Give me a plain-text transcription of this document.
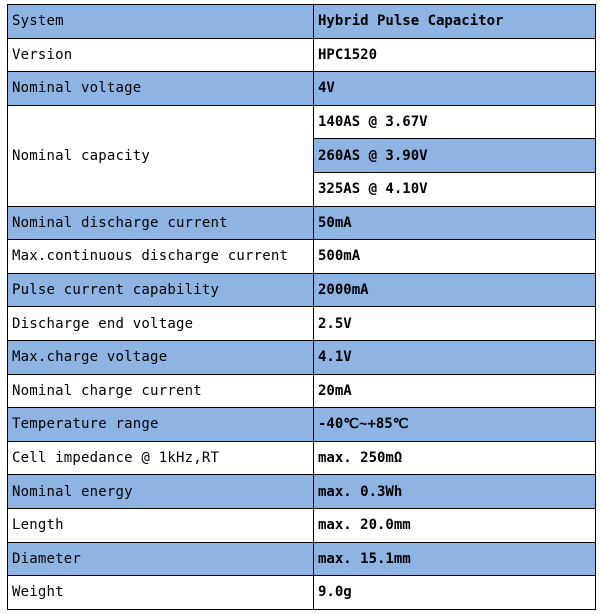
System	Hybrid Pulse Capacitor
Version	HPC1520
Nominal voltage	4V
Nominal capacity	140AS @ 3.67V
	260AS @ 3.90V
	325AS @ 4.10V
Nominal discharge current	50mA
Max.continuous discharge current	500mA
Pulse current capability	2000mA
Discharge end voltage	2.5V
Max.charge voltage	4.1V
Nominal charge current	20mA
Temperature range	-40℃~+85℃
Cell impedance @ 1kHz,RT	max. 250mΩ
Nominal energy	max. 0.3Wh
Length	max. 20.0mm
Diameter	max. 15.1mm
Weight	9.0g
